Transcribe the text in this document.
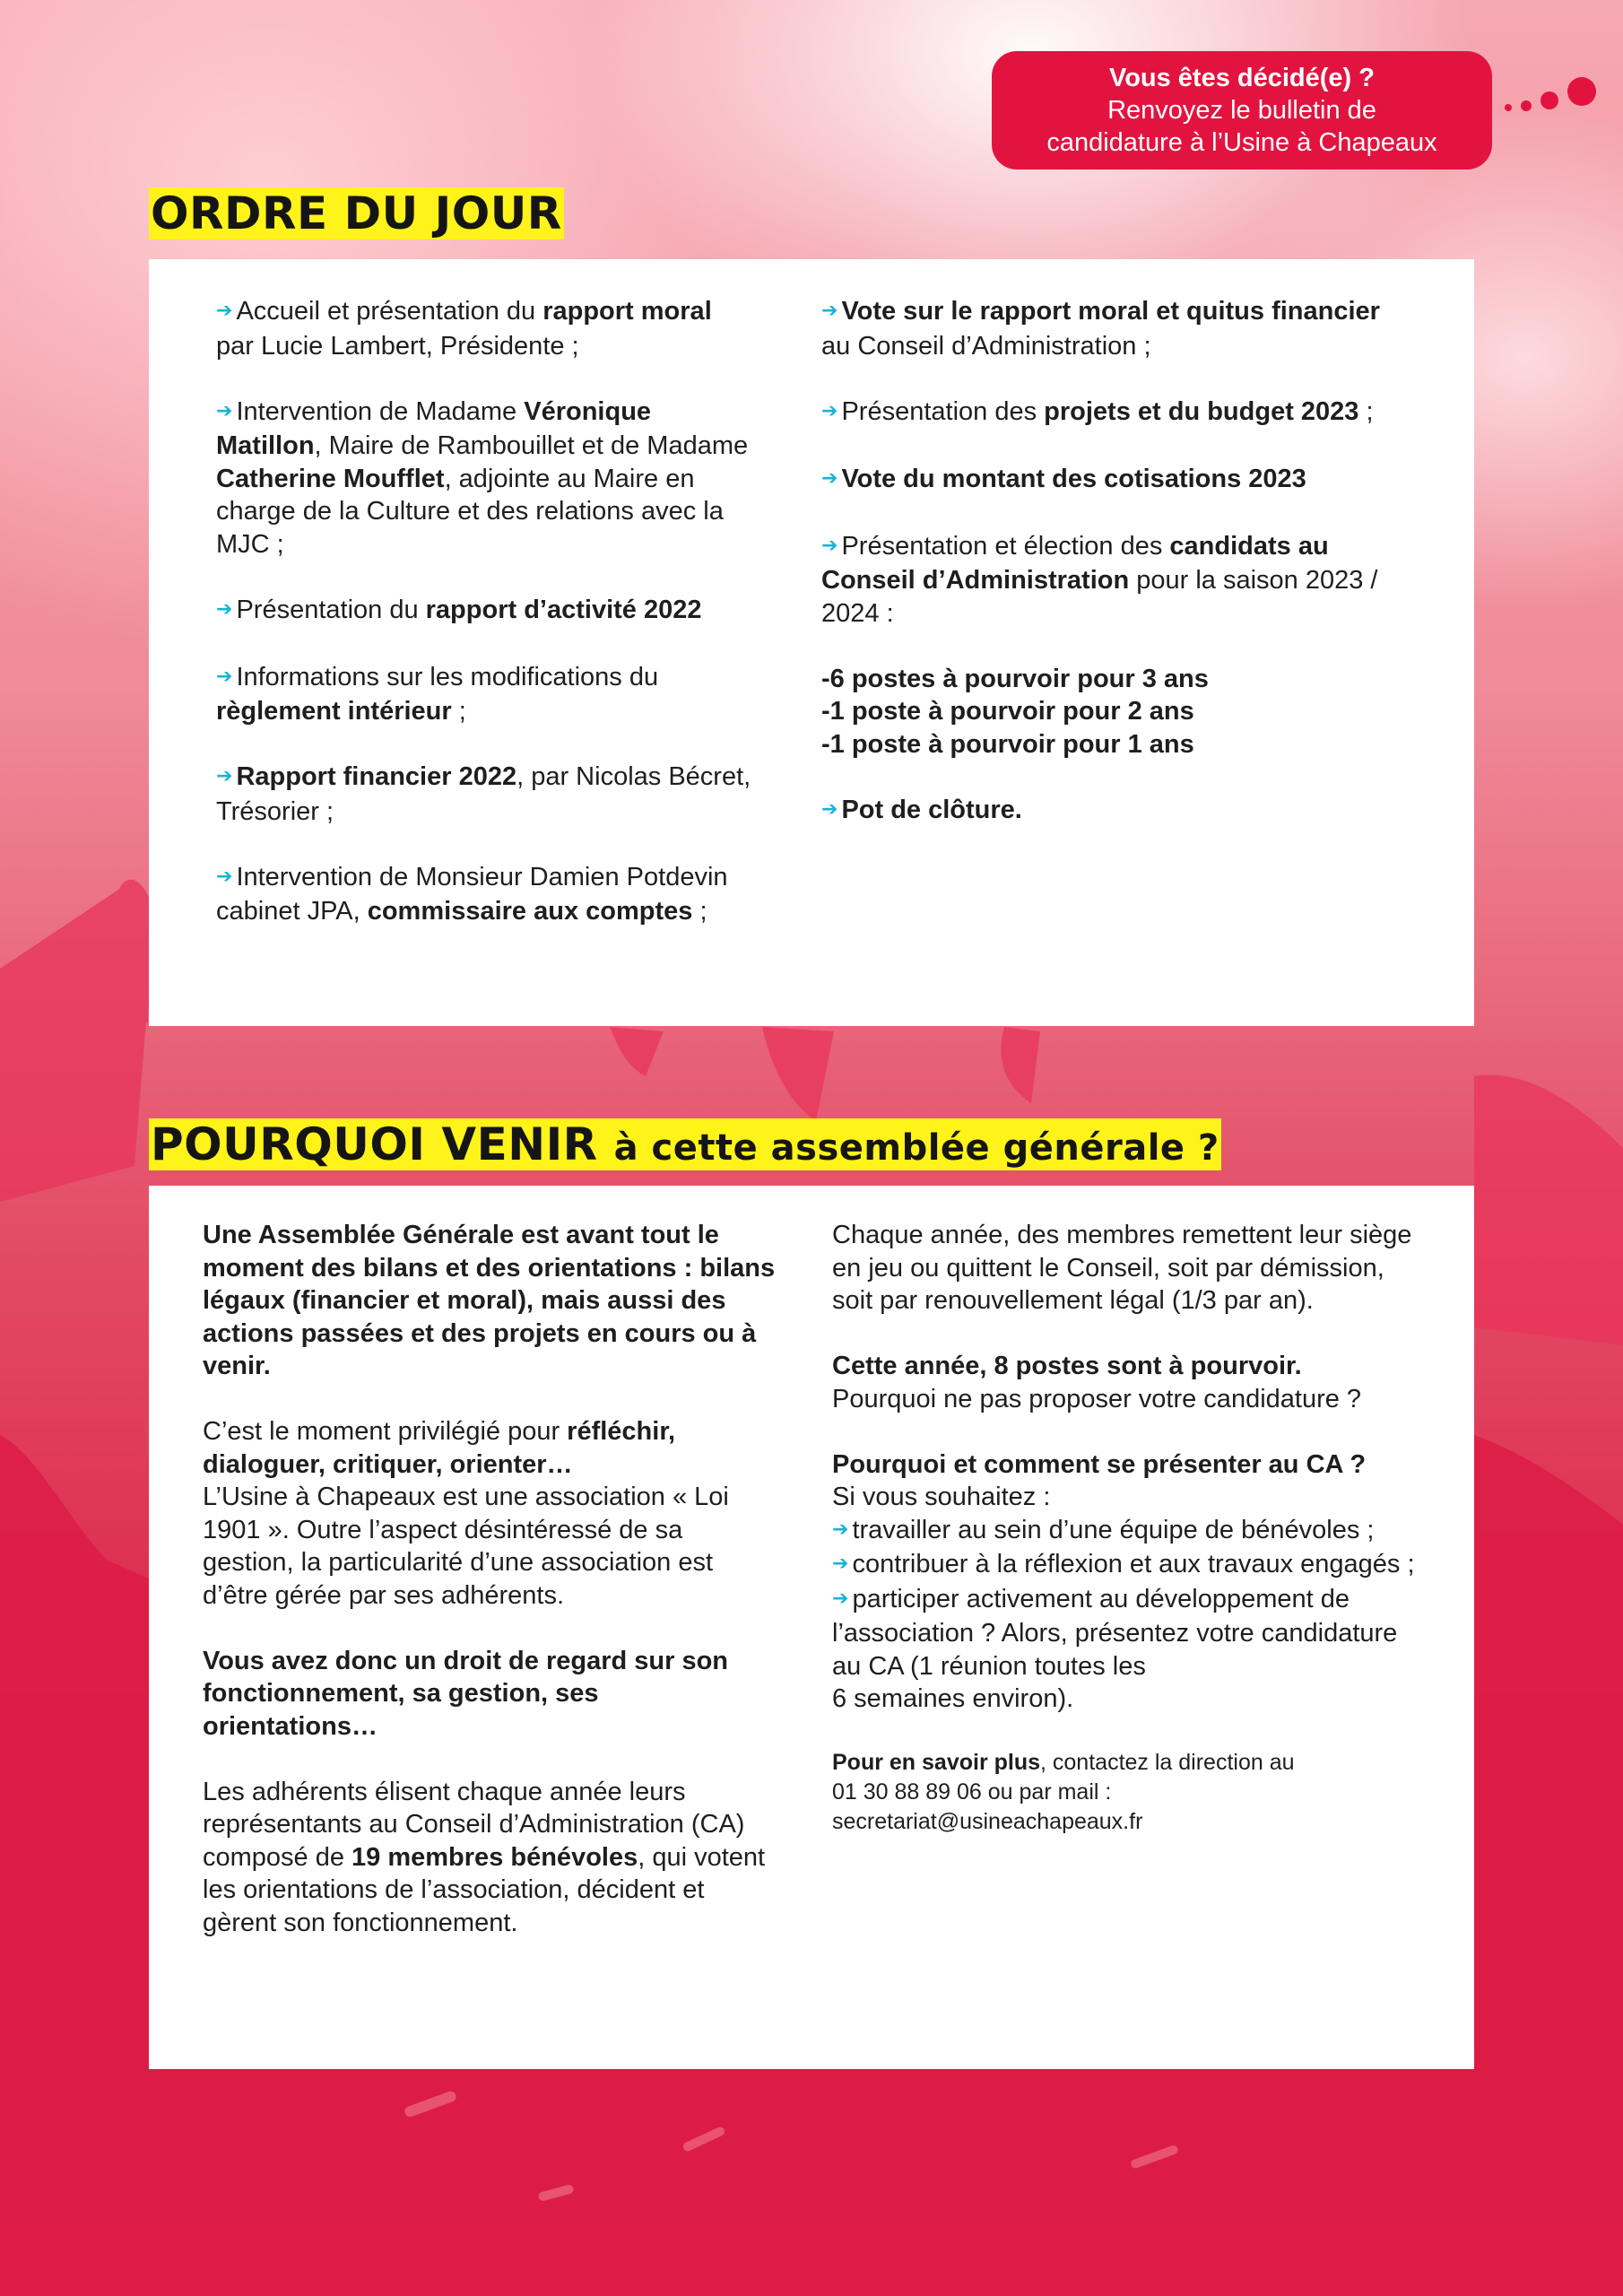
Vous êtes décidé(e) ?
Renvoyez le bulletin de
candidature à l’Usine à Chapeaux
ORDRE DU JOUR
➔ Accueil et présentation du rapport moral par Lucie Lambert, Présidente ;
➔ Intervention de Madame Véronique Matillon, Maire de Rambouillet et de Madame Catherine Moufflet, adjointe au Maire en charge de la Culture et des relations avec la MJC ;
➔ Présentation du rapport d’activité 2022
➔ Informations sur les modifications du règlement intérieur ;
➔ Rapport financier 2022, par Nicolas Bécret, Trésorier ;
➔ Intervention de Monsieur Damien Potdevin cabinet JPA, commissaire aux comptes ;
➔ Vote sur le rapport moral et quitus financier au Conseil d’Administration ;
➔ Présentation des projets et du budget 2023 ;
➔ Vote du montant des cotisations 2023
➔ Présentation et élection des candidats au Conseil d’Administration pour la saison 2023 / 2024 :
-6 postes à pourvoir pour 3 ans
-1 poste à pourvoir pour 2 ans
-1 poste à pourvoir pour 1 ans
➔ Pot de clôture.
POURQUOI VENIR à cette assemblée générale ?
Une Assemblée Générale est avant tout le moment des bilans et des orientations : bilans légaux (financier et moral), mais aussi des actions passées et des projets en cours ou à venir.
C’est le moment privilégié pour réfléchir, dialoguer, critiquer, orienter…
L’Usine à Chapeaux est une association « Loi 1901 ». Outre l’aspect désintéressé de sa gestion, la particularité d’une association est d’être gérée par ses adhérents.
Vous avez donc un droit de regard sur son fonctionnement, sa gestion, ses orientations…
Les adhérents élisent chaque année leurs représentants au Conseil d’Administration (CA) composé de 19 membres bénévoles, qui votent les orientations de l’association, décident et gèrent son fonctionnement.
Chaque année, des membres remettent leur siège en jeu ou quittent le Conseil, soit par démission, soit par renouvellement légal (1/3 par an).
Cette année, 8 postes sont à pourvoir.
Pourquoi ne pas proposer votre candidature ?
Pourquoi et comment se présenter au CA ?
Si vous souhaitez :
➔ travailler au sein d’une équipe de bénévoles ;
➔ contribuer à la réflexion et aux travaux engagés ;
➔ participer activement au développement de l’association ? Alors, présentez votre candidature au CA (1 réunion toutes les
6 semaines environ).
Pour en savoir plus, contactez la direction au
01 30 88 89 06 ou par mail :
secretariat@usineachapeaux.fr
